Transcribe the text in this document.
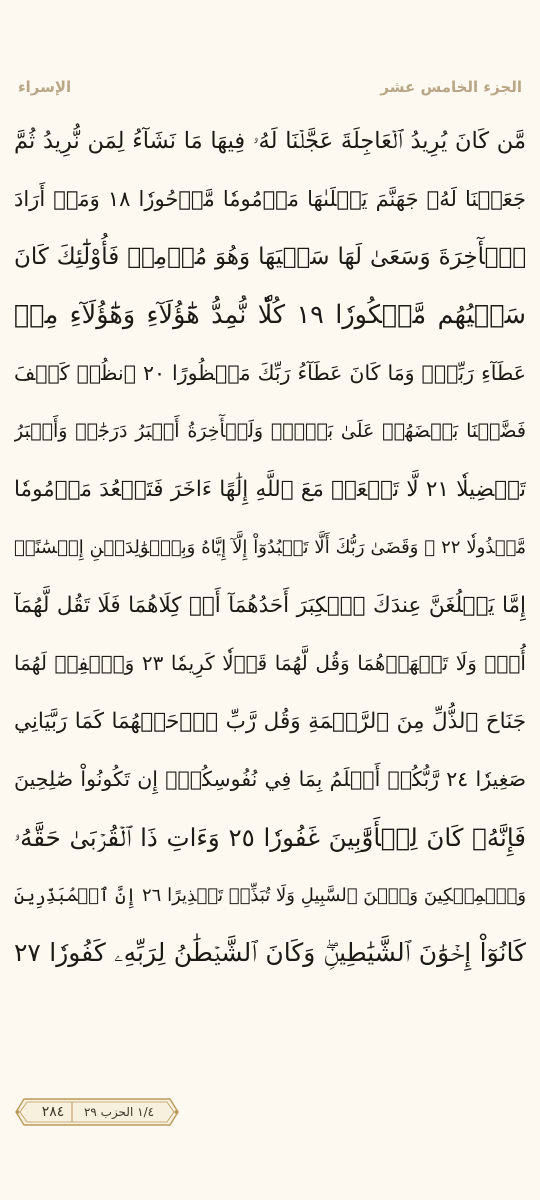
الإسراء	الجزء الخامس عشر
مَّن كَانَ يُرِيدُ ٱلۡعَاجِلَةَ عَجَّلۡنَا لَهُۥ فِيهَا مَا نَشَآءُ لِمَن نُّرِيدُ ثُمَّ
جَعَلۡنَا لَهُۥ جَهَنَّمَ يَصۡلَىٰهَا مَذۡمُومٗا مَّدۡحُورٗا ١٨ وَمَنۡ أَرَادَ
ٱلۡأٓخِرَةَ وَسَعَىٰ لَهَا سَعۡيَهَا وَهُوَ مُؤۡمِنٞ فَأُوْلَٰٓئِكَ كَانَ
سَعۡيُهُم مَّشۡكُورٗا ١٩ كُلّٗا نُّمِدُّ هَٰٓؤُلَآءِ وَهَٰٓؤُلَآءِ مِنۡ
عَطَآءِ رَبِّكَۚ وَمَا كَانَ عَطَآءُ رَبِّكَ مَحۡظُورًا ٢٠ ٱنظُرۡ كَيۡفَ
فَضَّلۡنَا بَعۡضَهُمۡ عَلَىٰ بَعۡضٖۚ وَلَلۡأٓخِرَةُ أَكۡبَرُ دَرَجَٰتٖ وَأَكۡبَرُ
تَفۡضِيلٗا ٢١ لَّا تَجۡعَلۡ مَعَ ٱللَّهِ إِلَٰهًا ءَاخَرَ فَتَقۡعُدَ مَذۡمُومٗا
مَّخۡذُولٗا ٢٢ ۞ وَقَضَىٰ رَبُّكَ أَلَّا تَعۡبُدُوٓاْ إِلَّآ إِيَّاهُ وَبِٱلۡوَٰلِدَيۡنِ إِحۡسَٰنًاۚ
إِمَّا يَبۡلُغَنَّ عِندَكَ ٱلۡكِبَرَ أَحَدُهُمَآ أَوۡ كِلَاهُمَا فَلَا تَقُل لَّهُمَآ
أُفّٖ وَلَا تَنۡهَرۡهُمَا وَقُل لَّهُمَا قَوۡلٗا كَرِيمٗا ٢٣ وَٱخۡفِضۡ لَهُمَا
جَنَاحَ ٱلذُّلِّ مِنَ ٱلرَّحۡمَةِ وَقُل رَّبِّ ٱرۡحَمۡهُمَا كَمَا رَبَّيَانِي
صَغِيرٗا ٢٤ رَّبُّكُمۡ أَعۡلَمُ بِمَا فِي نُفُوسِكُمۡۚ إِن تَكُونُواْ صَٰلِحِينَ
فَإِنَّهُۥ كَانَ لِلۡأَوَّٰبِينَ غَفُورٗا ٢٥ وَءَاتِ ذَا ٱلۡقُرۡبَىٰ حَقَّهُۥ
وَٱلۡمِسۡكِينَ وَٱبۡنَ ٱلسَّبِيلِ وَلَا تُبَذِّرۡ تَبۡذِيرًا ٢٦ إِنَّ ٱلۡمُبَذِّرِينَ
كَانُوٓاْ إِخۡوَٰنَ ٱلشَّيَٰطِينِۖ وَكَانَ ٱلشَّيۡطَٰنُ لِرَبِّهِۦ كَفُورٗا ٢٧
٢٨٤	١/٤ الحزب ٢٩
